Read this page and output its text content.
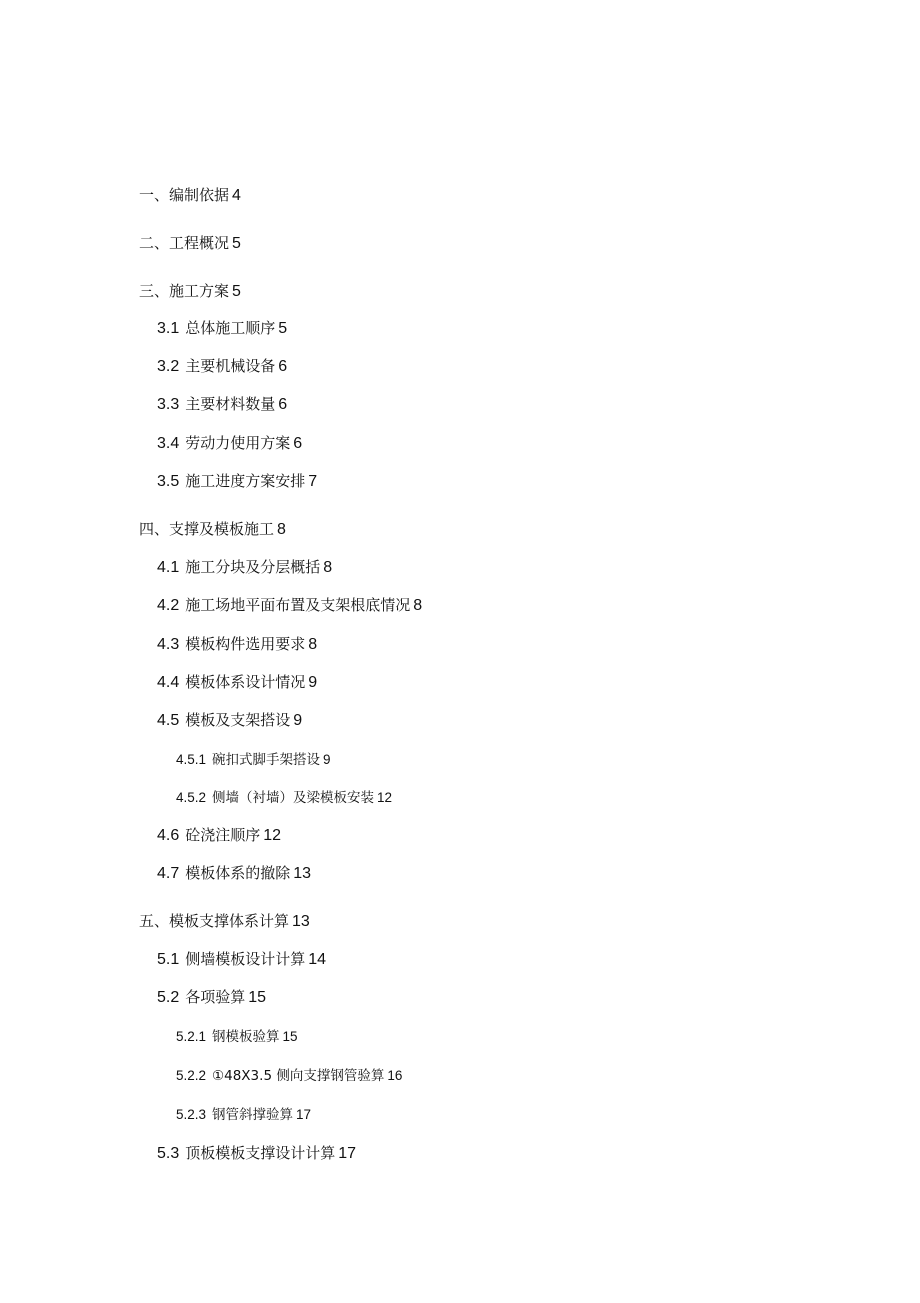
一、编制依据 4
二、工程概况 5
三、施工方案 5
3.1 总体施工顺序 5
3.2 主要机械设备 6
3.3 主要材料数量 6
3.4 劳动力使用方案 6
3.5 施工进度方案安排 7
四、支撑及模板施工 8
4.1 施工分块及分层概括 8
4.2 施工场地平面布置及支架根底情况 8
4.3 模板构件选用要求 8
4.4 模板体系设计情况 9
4.5 模板及支架搭设 9
4.5.1 碗扣式脚手架搭设 9
4.5.2 侧墙（衬墙）及梁模板安装 12
4.6 砼浇注顺序 12
4.7 模板体系的撤除 13
五、模板支撑体系计算 13
5.1 侧墙模板设计计算 14
5.2 各项验算 15
5.2.1 钢模板验算 15
5.2.2 ①48X3.5 侧向支撑钢管验算 16
5.2.3 钢管斜撑验算 17
5.3 顶板模板支撑设计计算 17
